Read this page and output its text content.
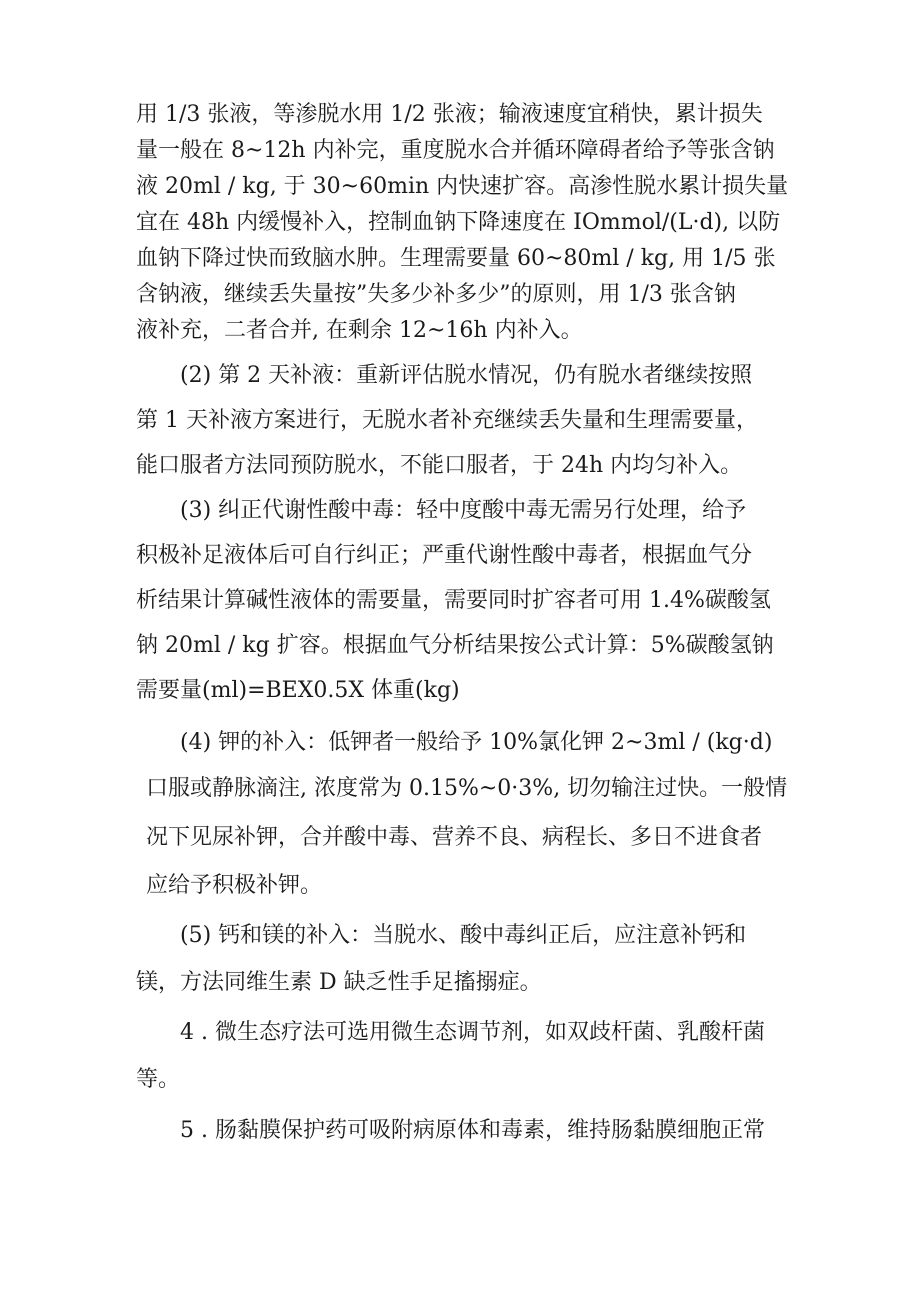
用 1/3 张液，等渗脱水用 1/2 张液；输液速度宜稍快，累计损失
量一般在 8~12h 内补完，重度脱水合并循环障碍者给予等张含钠
液 20ml / kg, 于 30~60min 内快速扩容。高渗性脱水累计损失量
宜在 48h 内缓慢补入，控制血钠下降速度在 IOmmol/(L·d), 以防
血钠下降过快而致脑水肿。生理需要量 60~80ml / kg, 用 1/5 张
含钠液，继续丢失量按”失多少补多少”的原则，用 1/3 张含钠
液补充，二者合并, 在剩余 12~16h 内补入。
(2) 第 2 天补液：重新评估脱水情况，仍有脱水者继续按照
第 1 天补液方案进行，无脱水者补充继续丢失量和生理需要量，
能口服者方法同预防脱水，不能口服者，于 24h 内均匀补入。
(3) 纠正代谢性酸中毒：轻中度酸中毒无需另行处理，给予
积极补足液体后可自行纠正；严重代谢性酸中毒者，根据血气分
析结果计算碱性液体的需要量，需要同时扩容者可用 1.4%碳酸氢
钠 20ml / kg 扩容。根据血气分析结果按公式计算：5%碳酸氢钠
需要量(ml)=BEX0.5X 体重(kg)
(4) 钾的补入：低钾者一般给予 10%氯化钾 2~3ml / (kg·d)
口服或静脉滴注, 浓度常为 0.15%~0·3%, 切勿输注过快。一般情
况下见尿补钾，合并酸中毒、营养不良、病程长、多日不进食者
应给予积极补钾。
(5) 钙和镁的补入：当脱水、酸中毒纠正后，应注意补钙和
镁，方法同维生素 D 缺乏性手足搐搦症。
4 . 微生态疗法可选用微生态调节剂，如双歧杆菌、乳酸杆菌
等。
5 . 肠黏膜保护药可吸附病原体和毒素，维持肠黏膜细胞正常
